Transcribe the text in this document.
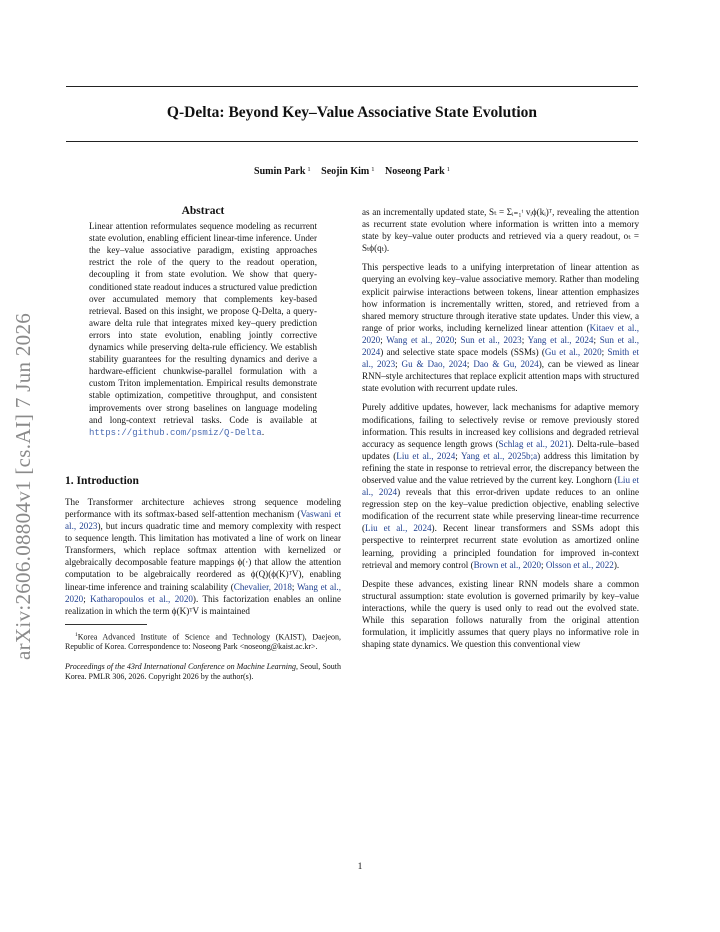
Q-Delta: Beyond Key–Value Associative State Evolution
Sumin Park $^1$ Seojin Kim $^1$ Noseong Park $^1$
arXiv:2606.08804v1 [cs.AI] 7 Jun 2026
Abstract
Linear attention reformulates sequence modeling as recurrent state evolution, enabling efficient linear-time inference. Under the key–value associative paradigm, existing approaches restrict the role of the query to the readout operation, decoupling it from state evolution. We show that query-conditioned state readout induces a structured value prediction over accumulated memory that complements key-based retrieval. Based on this insight, we propose Q-Delta, a query-aware delta rule that integrates mixed key–query prediction errors into state evolution, enabling jointly corrective dynamics while preserving delta-rule efficiency. We establish stability guarantees for the resulting dynamics and derive a hardware-efficient chunkwise-parallel formulation with a custom Triton implementation. Empirical results demonstrate stable optimization, competitive throughput, and consistent improvements over strong baselines on language modeling and long-context retrieval tasks. Code is available at https://github.com/psmiz/Q-Delta.
1. Introduction

The Transformer architecture achieves strong sequence modeling performance with its softmax-based self-attention mechanism (Vaswani et al., 2023), but incurs quadratic time and memory complexity with respect to sequence length. This limitation has motivated a line of work on linear Transformers, which replace softmax attention with kernelized or algebraically decomposable feature mappings ϕ(·) that allow the attention computation to be algebraically reordered as ϕ(Q)(ϕ(K)ᵀV), enabling linear-time inference and training scalability (Chevalier, 2018; Wang et al., 2020; Katharopoulos et al., 2020). This factorization enables an online realization in which the term ϕ(K)ᵀV is maintained

$^1$Korea Advanced Institute of Science and Technology (KAIST), Daejeon, Republic of Korea. Correspondence to: Noseong Park <noseong@kaist.ac.kr>.
Proceedings of the 43rd International Conference on Machine Learning, Seoul, South Korea. PMLR 306, 2026. Copyright 2026 by the author(s).

as an incrementally updated state, Sₜ = Σᵢ₌₁ᵗ vᵢϕ(kᵢ)ᵀ, revealing the attention as recurrent state evolution where information is written into a memory state by key–value outer products and retrieved via a query readout, oₜ = Sₜϕ(qₜ).

This perspective leads to a unifying interpretation of linear attention as querying an evolving key–value associative memory. Rather than modeling explicit pairwise interactions between tokens, linear attention emphasizes how information is incrementally written, stored, and retrieved from a shared memory structure through iterative state updates. Under this view, a range of prior works, including kernelized linear attention (Kitaev et al., 2020; Wang et al., 2020; Sun et al., 2023; Yang et al., 2024; Sun et al., 2024) and selective state space models (SSMs) (Gu et al., 2020; Smith et al., 2023; Gu & Dao, 2024; Dao & Gu, 2024), can be viewed as linear RNN–style architectures that replace explicit attention maps with structured state evolution with recurrent update rules.

Purely additive updates, however, lack mechanisms for adaptive memory modifications, failing to selectively revise or remove previously stored information. This results in increased key collisions and degraded retrieval accuracy as sequence length grows (Schlag et al., 2021). Delta-rule–based updates (Liu et al., 2024; Yang et al., 2025b;a) address this limitation by refining the state in response to retrieval error, the discrepancy between the observed value and the value retrieved by the current key. Longhorn (Liu et al., 2024) reveals that this error-driven update reduces to an online regression step on the key–value prediction objective, enabling selective modification of the recurrent state while preserving linear-time recurrence (Liu et al., 2024). Recent linear transformers and SSMs adopt this perspective to reinterpret recurrent state evolution as amortized online learning, providing a principled foundation for improved in-context retrieval and memory control (Brown et al., 2020; Olsson et al., 2022).

Despite these advances, existing linear RNN models share a common structural assumption: state evolution is governed primarily by key–value interactions, while the query is used only to read out the evolved state. While this separation follows naturally from the original attention formulation, it implicitly assumes that query plays no informative role in shaping state dynamics. We question this conventional view

1
